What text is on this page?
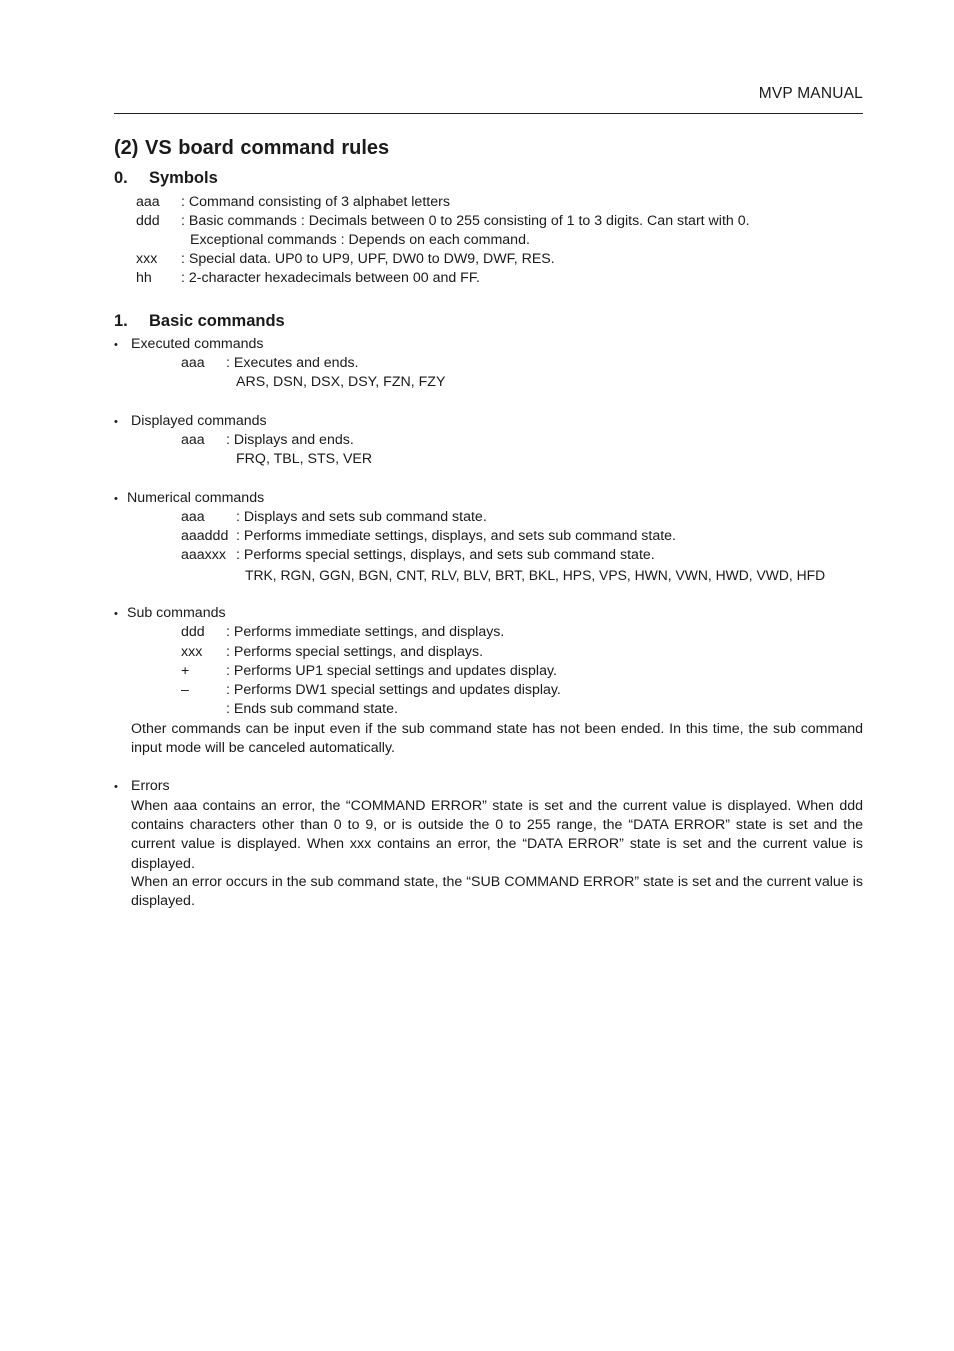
MVP MANUAL
(2) VS board command rules
0. Symbols
aaa : Command consisting of 3 alphabet letters
ddd : Basic commands : Decimals between 0 to 255 consisting of 1 to 3 digits. Can start with 0.
Exceptional commands : Depends on each command.
xxx : Special data. UP0 to UP9, UPF, DW0 to DW9, DWF, RES.
hh : 2-character hexadecimals between 00 and FF.
1. Basic commands
• Executed commands
aaa : Executes and ends.
ARS, DSN, DSX, DSY, FZN, FZY
• Displayed commands
aaa : Displays and ends.
FRQ, TBL, STS, VER
• Numerical commands
aaa : Displays and sets sub command state.
aaaddd : Performs immediate settings, displays, and sets sub command state.
aaaxxx : Performs special settings, displays, and sets sub command state.
TRK, RGN, GGN, BGN, CNT, RLV, BLV, BRT, BKL, HPS, VPS, HWN, VWN, HWD, VWD, HFD
• Sub commands
ddd : Performs immediate settings, and displays.
xxx : Performs special settings, and displays.
+	: Performs UP1 special settings and updates display.
–	: Performs DW1 special settings and updates display.
: Ends sub command state.
Other commands can be input even if the sub command state has not been ended. In this time, the sub command input mode will be canceled automatically.
• Errors
When aaa contains an error, the “COMMAND ERROR” state is set and the current value is displayed. When ddd contains characters other than 0 to 9, or is outside the 0 to 255 range, the “DATA ERROR” state is set and the current value is displayed. When xxx contains an error, the “DATA ERROR” state is set and the current value is displayed.
When an error occurs in the sub command state, the “SUB COMMAND ERROR” state is set and the current value is displayed.
